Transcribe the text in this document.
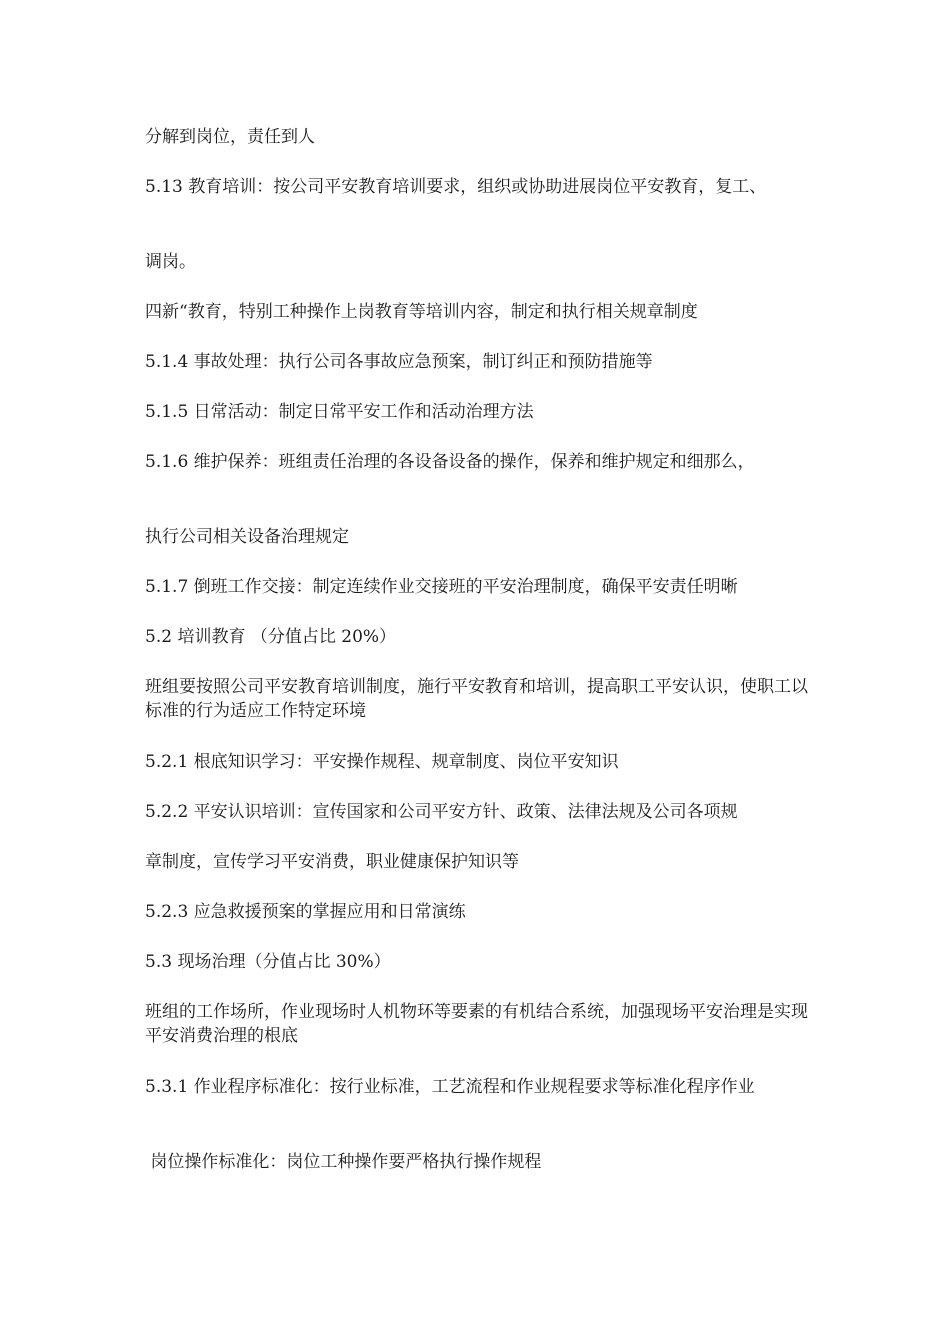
分解到岗位，责任到人

5.13 教育培训：按公司平安教育培训要求，组织或协助进展岗位平安教育，复工、

调岗。

四新“教育，特别工种操作上岗教育等培训内容，制定和执行相关规章制度

5.1.4 事故处理：执行公司各事故应急预案，制订纠正和预防措施等

5.1.5 日常活动：制定日常平安工作和活动治理方法

5.1.6 维护保养：班组责任治理的各设备设备的操作，保养和维护规定和细那么，

执行公司相关设备治理规定

5.1.7 倒班工作交接：制定连续作业交接班的平安治理制度，确保平安责任明晰

5.2 培训教育 （分值占比 20%）

班组要按照公司平安教育培训制度，施行平安教育和培训，提高职工平安认识，使职工以标准的行为适应工作特定环境

5.2.1 根底知识学习：平安操作规程、规章制度、岗位平安知识

5.2.2 平安认识培训：宣传国家和公司平安方针、政策、法律法规及公司各项规

章制度，宣传学习平安消费，职业健康保护知识等

5.2.3 应急救援预案的掌握应用和日常演练

5.3 现场治理（分值占比 30%）

班组的工作场所，作业现场时人机物环等要素的有机结合系统，加强现场平安治理是实现平安消费治理的根底

5.3.1 作业程序标准化：按行业标准，工艺流程和作业规程要求等标准化程序作业

岗位操作标准化：岗位工种操作要严格执行操作规程
